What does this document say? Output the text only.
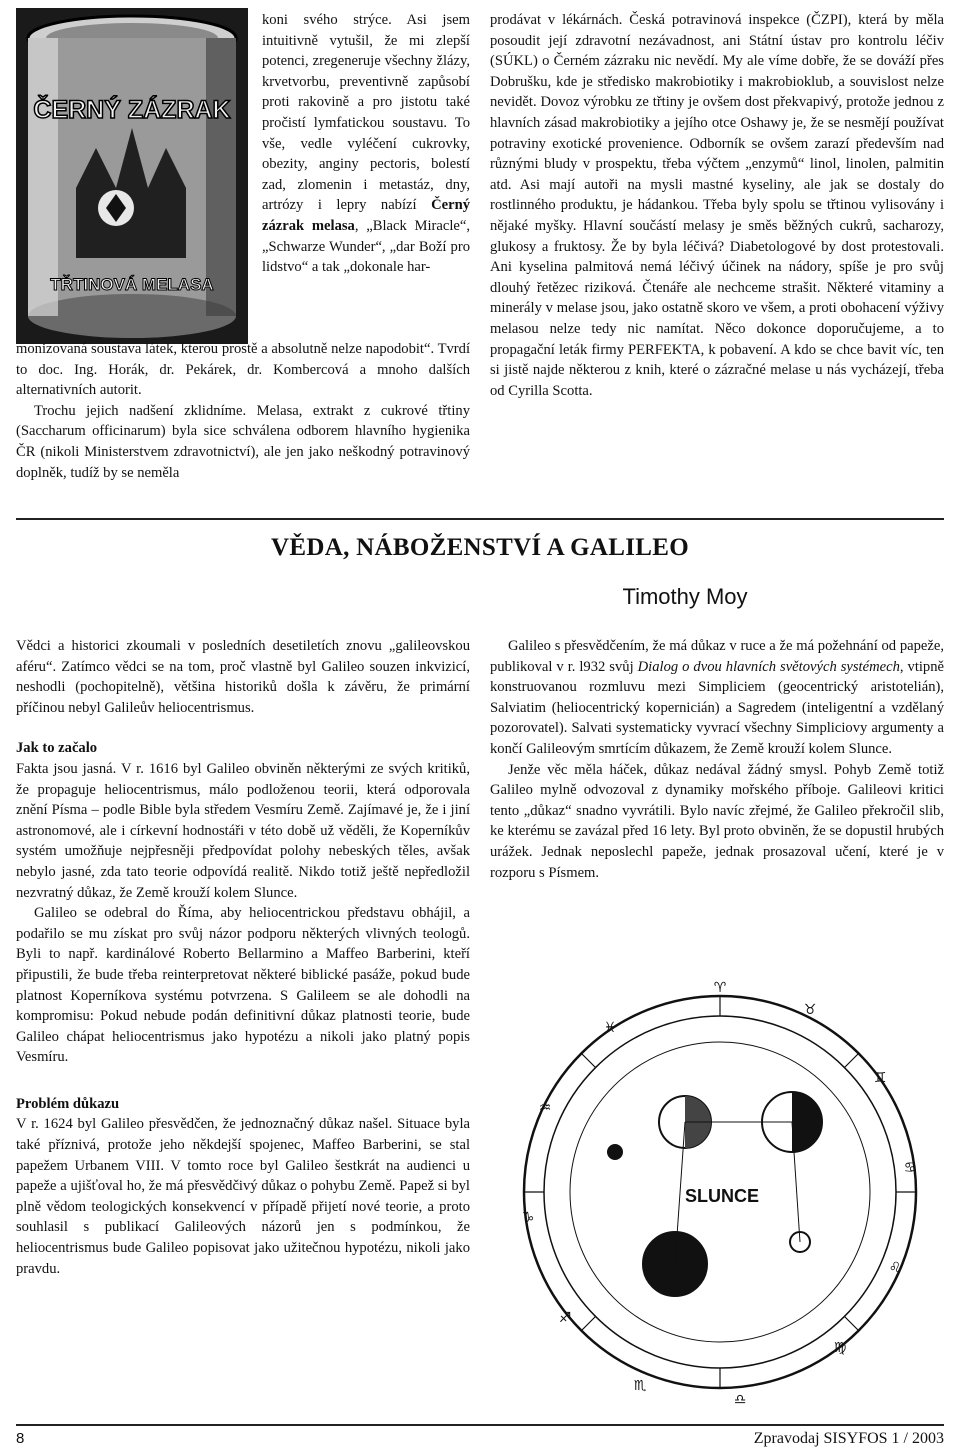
ČERNÝ ZÁZRAK
TŘTINOVÁ MELASA

koni svého strýce. Asi jsem intuitivně vytušil, že mi zlepší potenci, zregeneruje všechny žlázy, krvetvorbu, preventivně zapůsobí proti rakovině a pro jistotu také pročistí lymfatickou soustavu. To vše, vedle vyléčení cukrovky, obezity, anginy pectoris, bolestí zad, zlomenin i metastáz, dny, artrózy i lepry nabízí Černý zázrak melasa, „Black Miracle“, „Schwarze Wunder“, „dar Boží pro lidstvo“ a tak „dokonale har-

monizovaná soustava látek, kterou prostě a absolutně nelze napodobit“. Tvrdí to doc. Ing. Horák, dr. Pekárek, dr. Kombercová a mnoho dalších alternativních autorit.

Trochu jejich nadšení zklidníme. Melasa, extrakt z cukrové třtiny (Saccharum officinarum) byla sice schválena odborem hlavního hygienika ČR (nikoli Ministerstvem zdravotnictví), ale jen jako neškodný potravinový doplněk, tudíž by se neměla

prodávat v lékárnách. Česká potravinová inspekce (ČZPI), která by měla posoudit její zdravotní nezávadnost, ani Státní ústav pro kontrolu léčiv (SÚKL) o Černém zázraku nic nevědí. My ale víme dobře, že se dováží přes Dobrušku, kde je středisko makrobiotiky i makrobioklub, a souvislost nelze nevidět. Dovoz výrobku ze třtiny je ovšem dost překvapivý, protože jednou z hlavních zásad makrobiotiky a jejího otce Oshawy je, že se nesmějí používat potraviny exotické provenience. Odborník se ovšem zarazí především nad různými bludy v prospektu, třeba výčtem „enzymů“ linol, linolen, palmitin atd. Asi mají autoři na mysli mastné kyseliny, ale jak se dostaly do rostlinného produktu, je hádankou. Třeba byly spolu se třtinou vylisovány i nějaké myšky. Hlavní součástí melasy je směs běžných cukrů, sacharozy, glukosy a fruktosy. Že by byla léčivá? Diabetologové by dost protestovali. Ani kyselina palmitová nemá léčivý účinek na nádory, spíše je pro svůj dlouhý řetězec riziková. Čtenáře ale nechceme strašit. Některé vitaminy a minerály v melase jsou, jako ostatně skoro ve všem, a proti obohacení výživy melasou nelze tedy nic namítat. Něco dokonce doporučujeme, a to propagační leták firmy PERFEKTA, k pobavení. A kdo se chce bavit víc, ten si jistě najde některou z knih, které o zázračné melase u nás vycházejí, třeba od Cyrilla Scotta.

VĚDA, NÁBOŽENSTVÍ A GALILEO

Timothy Moy

Vědci a historici zkoumali v posledních desetiletích znovu „galileovskou aféru“. Zatímco vědci se na tom, proč vlastně byl Galileo souzen inkvizicí, neshodli (pochopitelně), většina historiků došla k závěru, že primární příčinou nebyl Galileův heliocentrismus.

Jak to začalo

Fakta jsou jasná. V r. 1616 byl Galileo obviněn některými ze svých kritiků, že propaguje heliocentrismus, málo podloženou teorii, která odporovala znění Písma – podle Bible byla středem Vesmíru Země. Zajímavé je, že i jiní astronomové, ale i církevní hodnostáři v této době už věděli, že Koperníkův systém umožňuje nejpřesněji předpovídat polohy nebeských těles, avšak nebylo jasné, zda tato teorie odpovídá realitě. Nikdo totiž ještě nepředložil nezvratný důkaz, že Země krouží kolem Slunce.

Galileo se odebral do Říma, aby heliocentrickou představu obhájil, a podařilo se mu získat pro svůj názor podporu některých vlivných teologů. Byli to např. kardinálové Roberto Bellarmino a Maffeo Barberini, kteří připustili, že bude třeba reinterpretovat některé biblické pasáže, pokud bude platnost Koperníkova systému potvrzena. S Galileem se ale dohodli na kompromisu: Pokud nebude podán definitivní důkaz platnosti teorie, bude Galileo chápat heliocentrismus jako hypotézu a nikoli jako platný popis Vesmíru.

Problém důkazu

V r. 1624 byl Galileo přesvědčen, že jednoznačný důkaz našel. Situace byla také příznivá, protože jeho někdejší spojenec, Maffeo Barberini, se stal papežem Urbanem VIII. V tomto roce byl Galileo šestkrát na audienci u papeže a ujišťoval ho, že má přesvědčivý důkaz o pohybu Země. Papež si byl plně vědom teologických konsekvencí v případě přijetí nové teorie, a proto souhlasil s publikací Galileových názorů jen s podmínkou, že heliocentrismus bude Galileo popisovat jako užitečnou hypotézu, nikoli jako pravdu.

Galileo s přesvědčením, že má důkaz v ruce a že má požehnání od papeže, publikoval v r. l932 svůj Dialog o dvou hlavních světových systémech, vtipně konstruovanou rozmluvu mezi Simpliciem (geocentrický aristotelián), Salviatim (heliocentrický kopernicián) a Sagredem (inteligentní a vzdělaný pozorovatel). Salvati systematicky vyvrací všechny Simpliciovy argumenty a končí Galileovým smrtícím důkazem, že Země krouží kolem Slunce.

Jenže věc měla háček, důkaz nedával žádný smysl. Pohyb Země totiž Galileo mylně odvozoval z dynamiky mořského příboje. Galileovi kritici tento „důkaz“ snadno vyvrátili. Bylo navíc zřejmé, že Galileo překročil slib, ke kterému se zavázal před 16 lety. Byl proto obviněn, že se dopustil hrubých urážek. Jednak neposlechl papeže, jednak prosazoval učení, které je v rozporu s Písmem.

♈
♉
♊
♋
♌
♍
♎
♏
♐
♑
♒
♓
SLUNCE
8	Zpravodaj SISYFOS 1 / 2003
